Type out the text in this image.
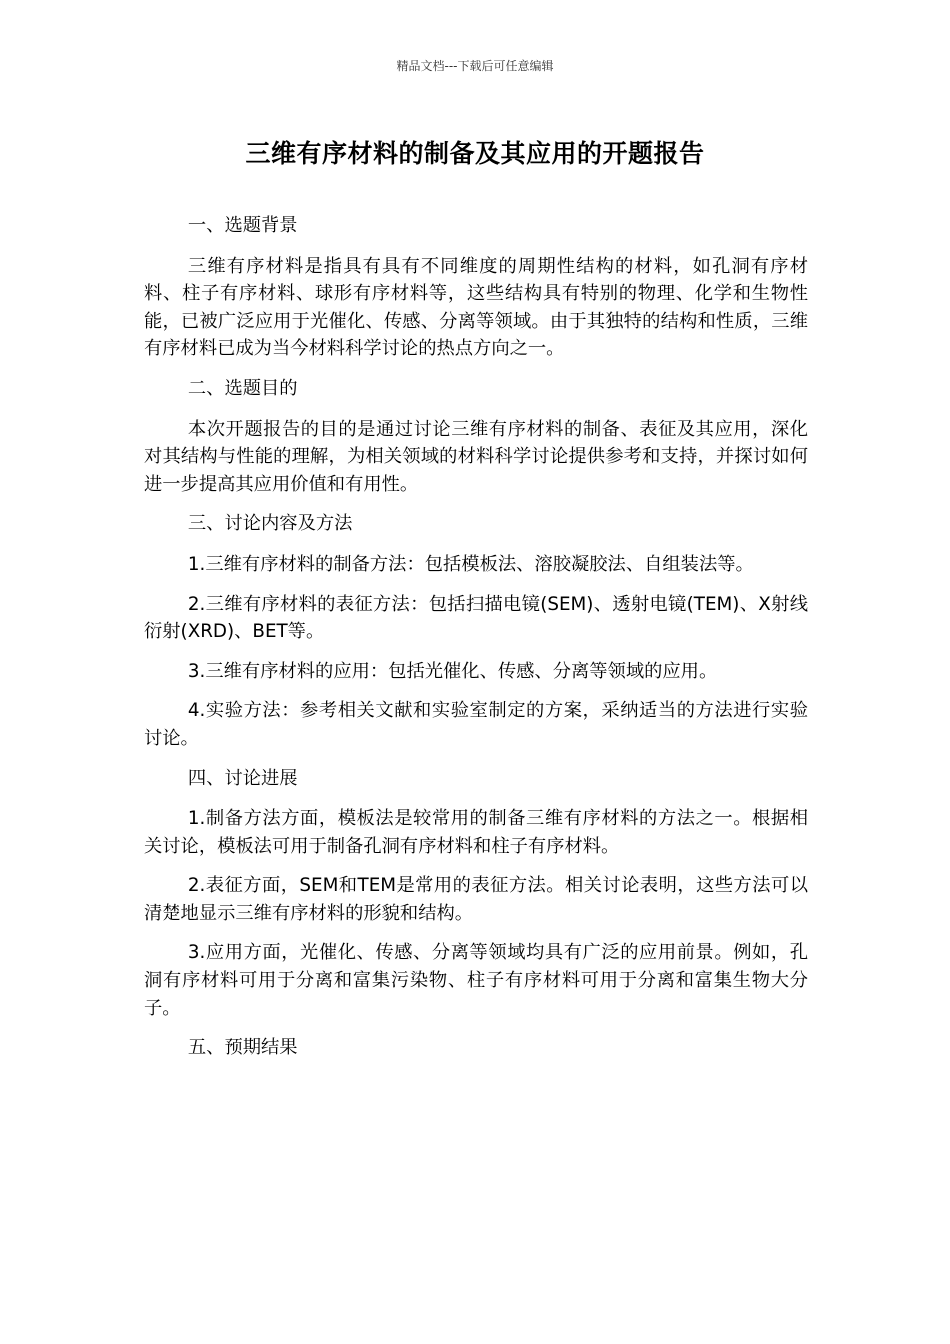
精品文档---下载后可任意编辑
三维有序材料的制备及其应用的开题报告

一、选题背景

三维有序材料是指具有具有不同维度的周期性结构的材料，如孔洞有序材料、柱子有序材料、球形有序材料等，这些结构具有特别的物理、化学和生物性能，已被广泛应用于光催化、传感、分离等领域。由于其独特的结构和性质，三维有序材料已成为当今材料科学讨论的热点方向之一。

二、选题目的

本次开题报告的目的是通过讨论三维有序材料的制备、表征及其应用，深化对其结构与性能的理解，为相关领域的材料科学讨论提供参考和支持，并探讨如何进一步提高其应用价值和有用性。

三、讨论内容及方法

1.三维有序材料的制备方法：包括模板法、溶胶凝胶法、自组装法等。

2.三维有序材料的表征方法：包括扫描电镜(SEM)、透射电镜(TEM)、X射线衍射(XRD)、BET等。

3.三维有序材料的应用：包括光催化、传感、分离等领域的应用。

4.实验方法：参考相关文献和实验室制定的方案，采纳适当的方法进行实验讨论。

四、讨论进展

1.制备方法方面，模板法是较常用的制备三维有序材料的方法之一。根据相关讨论，模板法可用于制备孔洞有序材料和柱子有序材料。

2.表征方面，SEM和TEM是常用的表征方法。相关讨论表明，这些方法可以清楚地显示三维有序材料的形貌和结构。

3.应用方面，光催化、传感、分离等领域均具有广泛的应用前景。例如，孔洞有序材料可用于分离和富集污染物、柱子有序材料可用于分离和富集生物大分子。

五、预期结果
